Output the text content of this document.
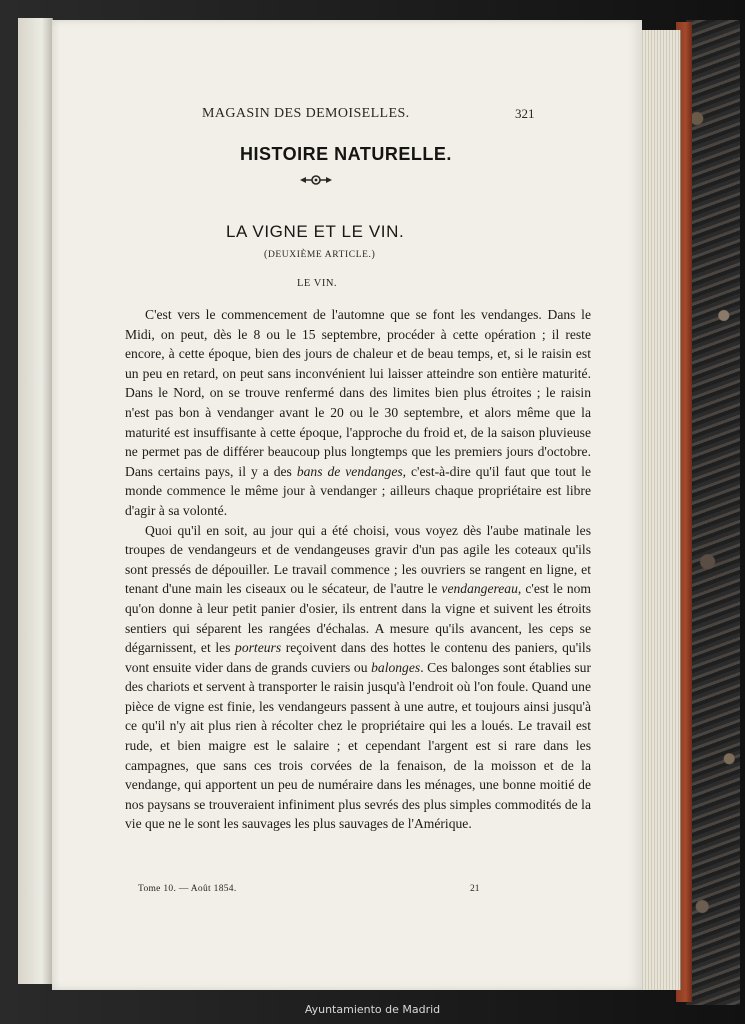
MAGASIN DES DEMOISELLES.	321
HISTOIRE NATURELLE.
LA VIGNE ET LE VIN.
(DEUXIÈME ARTICLE.)
LE VIN.

C'est vers le commencement de l'automne que se font les vendanges. Dans le Midi, on peut, dès le 8 ou le 15 septembre, procéder à cette opération ; il reste encore, à cette époque, bien des jours de chaleur et de beau temps, et, si le raisin est un peu en retard, on peut sans inconvénient lui laisser atteindre son entière maturité. Dans le Nord, on se trouve renfermé dans des limites bien plus étroites ; le raisin n'est pas bon à vendanger avant le 20 ou le 30 septembre, et alors même que la maturité est insuffisante à cette époque, l'approche du froid et, de la saison pluvieuse ne permet pas de différer beaucoup plus longtemps que les premiers jours d'octobre. Dans certains pays, il y a des bans de vendanges, c'est-à-dire qu'il faut que tout le monde commence le même jour à vendanger ; ailleurs chaque propriétaire est libre d'agir à sa volonté.

Quoi qu'il en soit, au jour qui a été choisi, vous voyez dès l'aube matinale les troupes de vendangeurs et de vendangeuses gravir d'un pas agile les coteaux qu'ils sont pressés de dépouiller. Le travail commence ; les ouvriers se rangent en ligne, et tenant d'une main les ciseaux ou le sécateur, de l'autre le vendangereau, c'est le nom qu'on donne à leur petit panier d'osier, ils entrent dans la vigne et suivent les étroits sentiers qui séparent les rangées d'échalas. A mesure qu'ils avancent, les ceps se dégarnissent, et les porteurs reçoivent dans des hottes le contenu des paniers, qu'ils vont ensuite vider dans de grands cuviers ou balonges. Ces balonges sont établies sur des chariots et servent à transporter le raisin jusqu'à l'endroit où l'on foule. Quand une pièce de vigne est finie, les vendangeurs passent à une autre, et toujours ainsi jusqu'à ce qu'il n'y ait plus rien à récolter chez le propriétaire qui les a loués. Le travail est rude, et bien maigre est le salaire ; et cependant l'argent est si rare dans les campagnes, que sans ces trois corvées de la fenaison, de la moisson et de la vendange, qui apportent un peu de numéraire dans les ménages, une bonne moitié de nos paysans se trouveraient infiniment plus sevrés des plus simples commodités de la vie que ne le sont les sauvages les plus sauvages de l'Amérique.

Tome 10. — Août 1854.	21
Ayuntamiento de Madrid
